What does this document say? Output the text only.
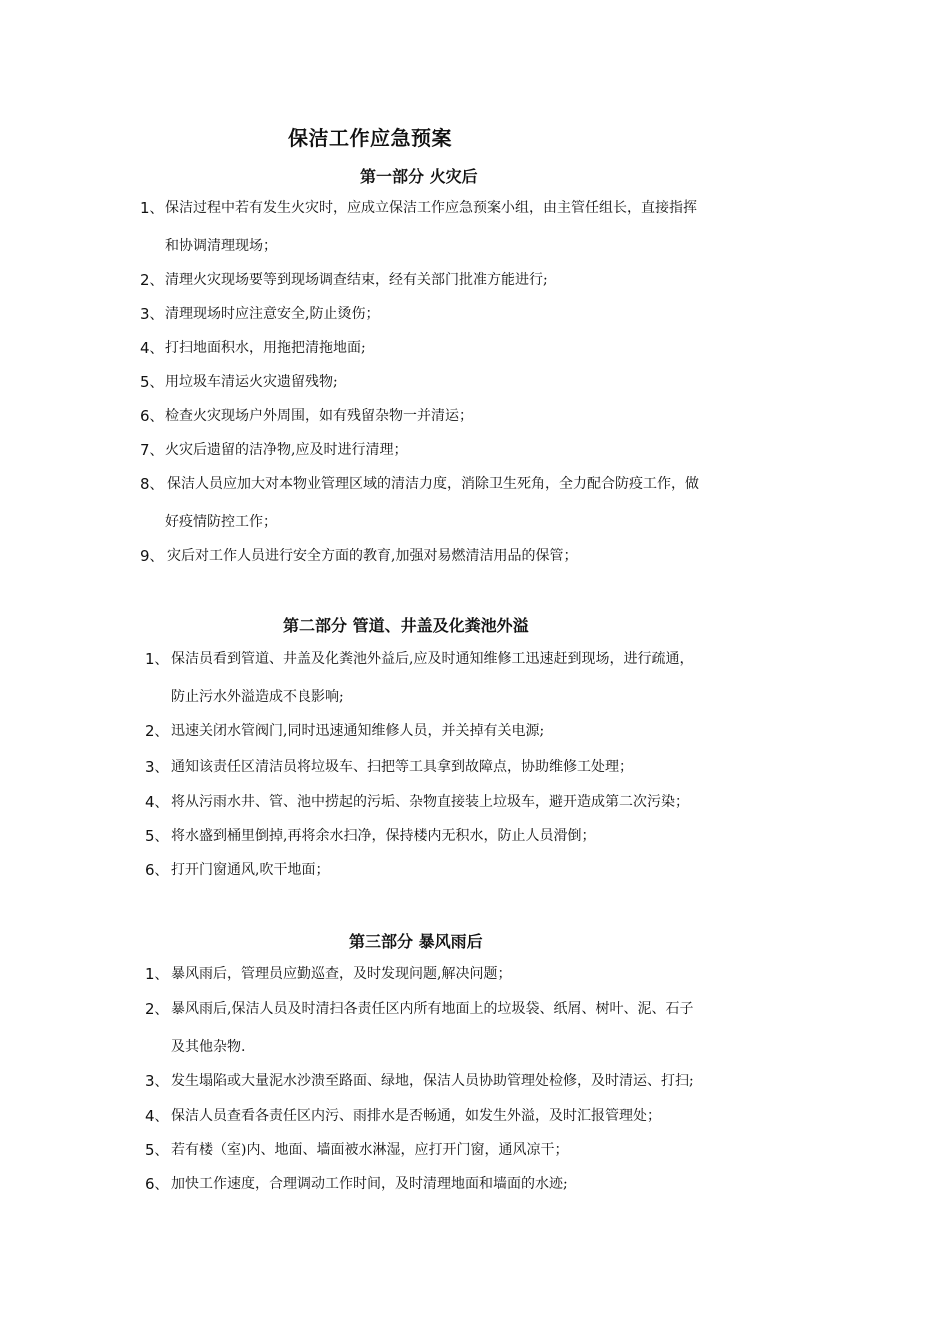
保洁工作应急预案
第一部分 火灾后
1、 保洁过程中若有发生火灾时，应成立保洁工作应急预案小组，由主管任组长，直接指挥
和协调清理现场；
2、 清理火灾现场要等到现场调查结束，经有关部门批准方能进行;
3、 清理现场时应注意安全,防止烫伤；
4、 打扫地面积水，用拖把清拖地面;
5、 用垃圾车清运火灾遗留残物;
6、 检查火灾现场户外周围，如有残留杂物一并清运；
7、 火灾后遗留的洁净物,应及时进行清理；
8、 保洁人员应加大对本物业管理区域的清洁力度，消除卫生死角，全力配合防疫工作，做
好疫情防控工作；
9、 灾后对工作人员进行安全方面的教育,加强对易燃清洁用品的保管；
第二部分 管道、井盖及化粪池外溢
1、 保洁员看到管道、井盖及化粪池外益后,应及时通知维修工迅速赶到现场，进行疏通，
防止污水外溢造成不良影响;
2、 迅速关闭水管阀门,同时迅速通知维修人员，并关掉有关电源;
3、 通知该责任区清洁员将垃圾车、扫把等工具拿到故障点，协助维修工处理；
4、 将从污雨水井、管、池中捞起的污垢、杂物直接装上垃圾车，避开造成第二次污染；
5、 将水盛到桶里倒掉,再将余水扫净，保持楼内无积水，防止人员滑倒；
6、 打开门窗通风,吹干地面；
第三部分 暴风雨后
1、 暴风雨后，管理员应勤巡查，及时发现问题,解决问题；
2、 暴风雨后,保洁人员及时清扫各责任区内所有地面上的垃圾袋、纸屑、树叶、泥、石子
及其他杂物.
3、 发生塌陷或大量泥水沙溃至路面、绿地，保洁人员协助管理处检修，及时清运、打扫;
4、 保洁人员查看各责任区内污、雨排水是否畅通，如发生外溢，及时汇报管理处；
5、 若有楼（室)内、地面、墙面被水淋湿，应打开门窗，通风凉干；
6、 加快工作速度，合理调动工作时间，及时清理地面和墙面的水迹;
